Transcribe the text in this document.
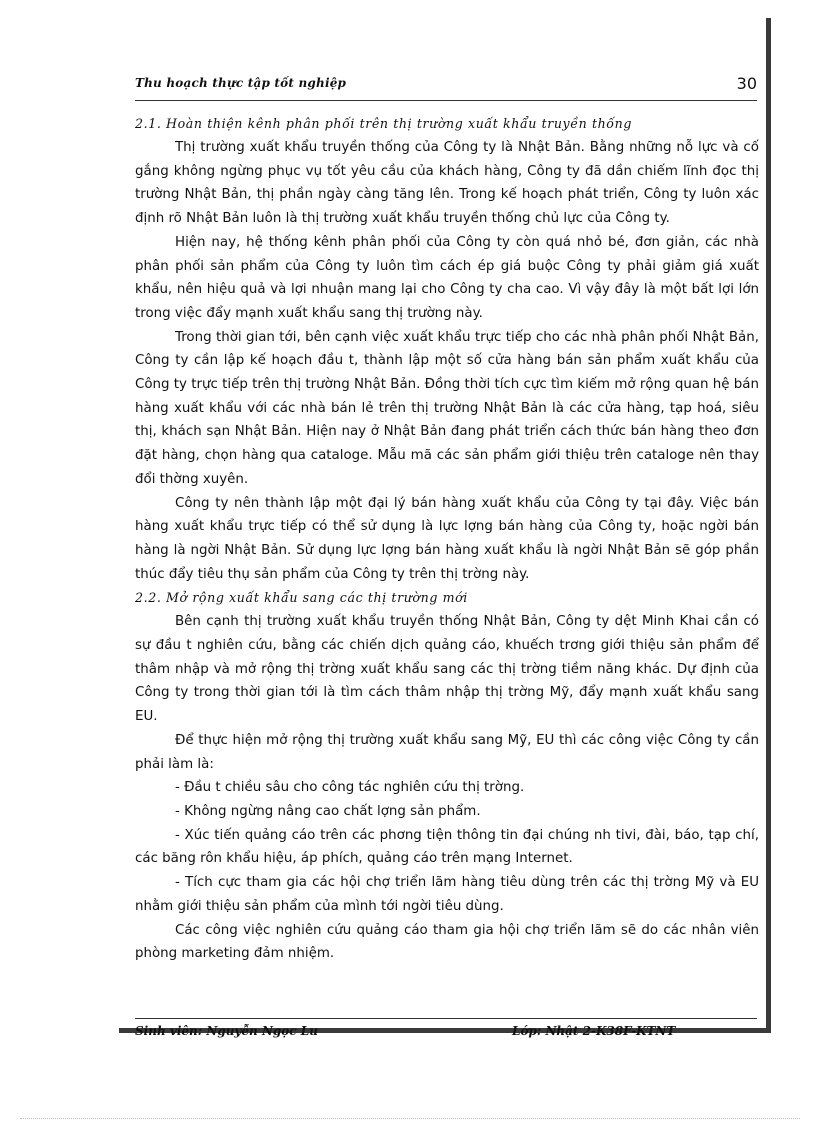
Thu hoạch thực tập tốt nghiệp	30

2.1. Hoàn thiện kênh phân phối trên thị trường xuất khẩu truyền thống

Thị trường xuất khẩu truyền thống của Công ty là Nhật Bản. Bằng những nỗ lực và cố gắng không ngừng phục vụ tốt yêu cầu của khách hàng, Công ty đã dần chiếm lĩnh đọc thị trường Nhật Bản, thị phần ngày càng tăng lên. Trong kế hoạch phát triển, Công ty luôn xác định rõ Nhật Bản luôn là thị trường xuất khẩu truyền thống chủ lực của Công ty.

Hiện nay, hệ thống kênh phân phối của Công ty còn quá nhỏ bé, đơn giản, các nhà phân phối sản phẩm của Công ty luôn tìm cách ép giá buộc Công ty phải giảm giá xuất khẩu, nên hiệu quả và lợi nhuận mang lại cho Công ty cha cao. Vì vậy đây là một bất lợi lớn trong việc đẩy mạnh xuất khẩu sang thị trường này.

Trong thời gian tới, bên cạnh việc xuất khẩu trực tiếp cho các nhà phân phối Nhật Bản, Công ty cần lập kế hoạch đầu t, thành lập một số cửa hàng bán sản phẩm xuất khẩu của Công ty trực tiếp trên thị trường Nhật Bản. Đồng thời tích cực tìm kiếm mở rộng quan hệ bán hàng xuất khẩu với các nhà bán lẻ trên thị trường Nhật Bản là các cửa hàng, tạp hoá, siêu thị, khách sạn Nhật Bản. Hiện nay ở Nhật Bản đang phát triển cách thức bán hàng theo đơn đặt hàng, chọn hàng qua cataloge. Mẫu mã các sản phẩm giới thiệu trên cataloge nên thay đổi thờng xuyên.

Công ty nên thành lập một đại lý bán hàng xuất khẩu của Công ty tại đây. Việc bán hàng xuất khẩu trực tiếp có thể sử dụng là lực lợng bán hàng của Công ty, hoặc ngời bán hàng là ngời Nhật Bản. Sử dụng lực lợng bán hàng xuất khẩu là ngời Nhật Bản sẽ góp phần thúc đẩy tiêu thụ sản phẩm của Công ty trên thị trờng này.

2.2. Mở rộng xuất khẩu sang các thị trường mới

Bên cạnh thị trường xuất khẩu truyền thống Nhật Bản, Công ty dệt Minh Khai cần có sự đầu t nghiên cứu, bằng các chiến dịch quảng cáo, khuếch trơng giới thiệu sản phẩm để thâm nhập và mở rộng thị trờng xuất khẩu sang các thị trờng tiềm năng khác. Dự định của Công ty trong thời gian tới là tìm cách thâm nhập thị trờng Mỹ, đẩy mạnh xuất khẩu sang EU.

Để thực hiện mở rộng thị trường xuất khẩu sang Mỹ, EU thì các công việc Công ty cần phải làm là:

- Đầu t chiều sâu cho công tác nghiên cứu thị trờng.

- Không ngừng nâng cao chất lợng sản phẩm.

- Xúc tiến quảng cáo trên các phơng tiện thông tin đại chúng nh tivi, đài, báo, tạp chí, các băng rôn khẩu hiệu, áp phích, quảng cáo trên mạng Internet.

- Tích cực tham gia các hội chợ triển lãm hàng tiêu dùng trên các thị trờng Mỹ và EU nhằm giới thiệu sản phẩm của mình tới ngời tiêu dùng.

Các công việc nghiên cứu quảng cáo tham gia hội chợ triển lãm sẽ do các nhân viên phòng marketing đảm nhiệm.

Sinh viên: Nguyễn Ngọc Lu	Lớp: Nhật 2-K38F-KTNT
